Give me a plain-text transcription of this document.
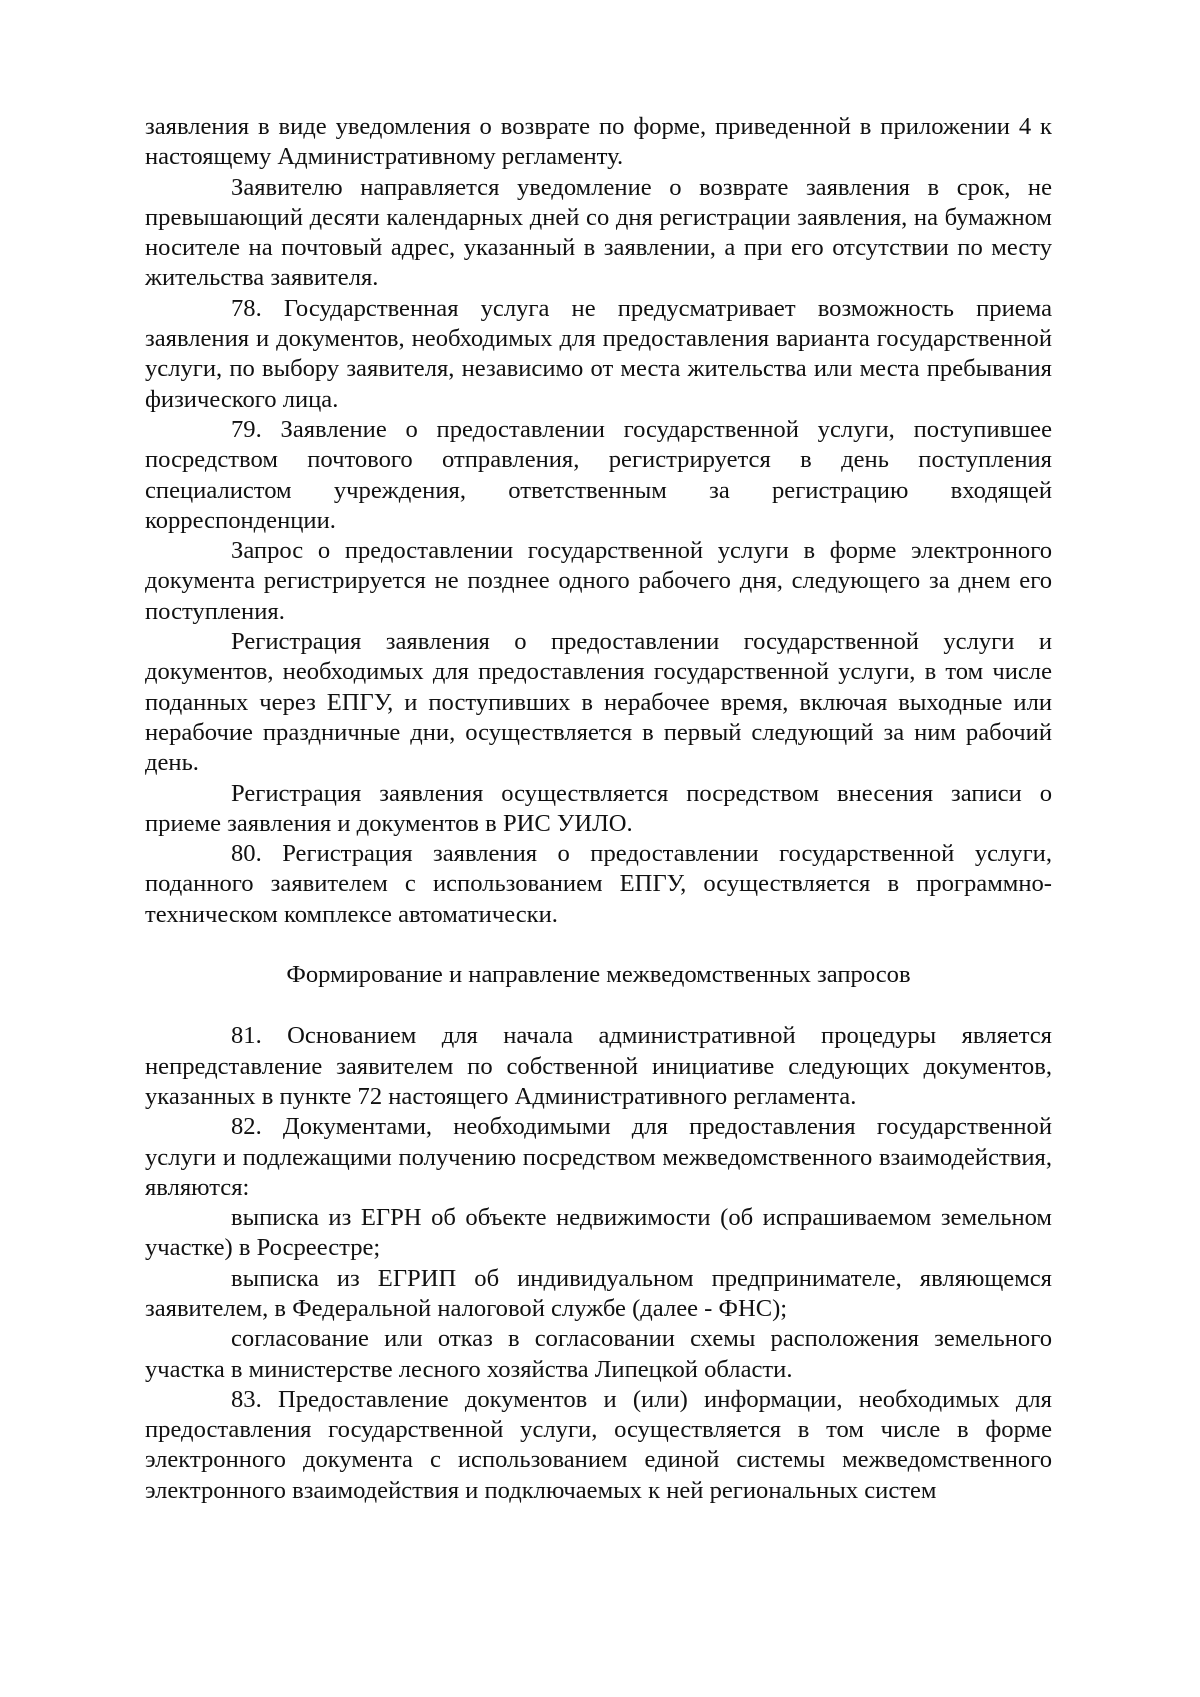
заявления в виде уведомления о возврате по форме, приведенной в приложении 4 к настоящему Административному регламенту.

Заявителю направляется уведомление о возврате заявления в срок, не превышающий десяти календарных дней со дня регистрации заявления, на бумажном носителе на почтовый адрес, указанный в заявлении, а при его отсутствии по месту жительства заявителя.

78. Государственная услуга не предусматривает возможность приема заявления и документов, необходимых для предоставления варианта государственной услуги, по выбору заявителя, независимо от места жительства или места пребывания физического лица.

79. Заявление о предоставлении государственной услуги, поступившее посредством почтового отправления, регистрируется в день поступления специалистом учреждения, ответственным за регистрацию входящей корреспонденции.

Запрос о предоставлении государственной услуги в форме электронного документа регистрируется не позднее одного рабочего дня, следующего за днем его поступления.

Регистрация заявления о предоставлении государственной услуги и документов, необходимых для предоставления государственной услуги, в том числе поданных через ЕПГУ, и поступивших в нерабочее время, включая выходные или нерабочие праздничные дни, осуществляется в первый следующий за ним рабочий день.

Регистрация заявления осуществляется посредством внесения записи о приеме заявления и документов в РИС УИЛО.

80. Регистрация заявления о предоставлении государственной услуги, поданного заявителем с использованием ЕПГУ, осуществляется в программно-техническом комплексе автоматически.

Формирование и направление межведомственных запросов

81. Основанием для начала административной процедуры является непредставление заявителем по собственной инициативе следующих документов, указанных в пункте 72 настоящего Административного регламента.

82. Документами, необходимыми для предоставления государственной услуги и подлежащими получению посредством межведомственного взаимодействия, являются:

выписка из ЕГРН об объекте недвижимости (об испрашиваемом земельном участке) в Росреестре;

выписка из ЕГРИП об индивидуальном предпринимателе, являющемся заявителем, в Федеральной налоговой службе (далее - ФНС);

согласование или отказ в согласовании схемы расположения земельного участка в министерстве лесного хозяйства Липецкой области.

83. Предоставление документов и (или) информации, необходимых для предоставления государственной услуги, осуществляется в том числе в форме электронного документа с использованием единой системы межведомственного электронного взаимодействия и подключаемых к ней региональных систем
